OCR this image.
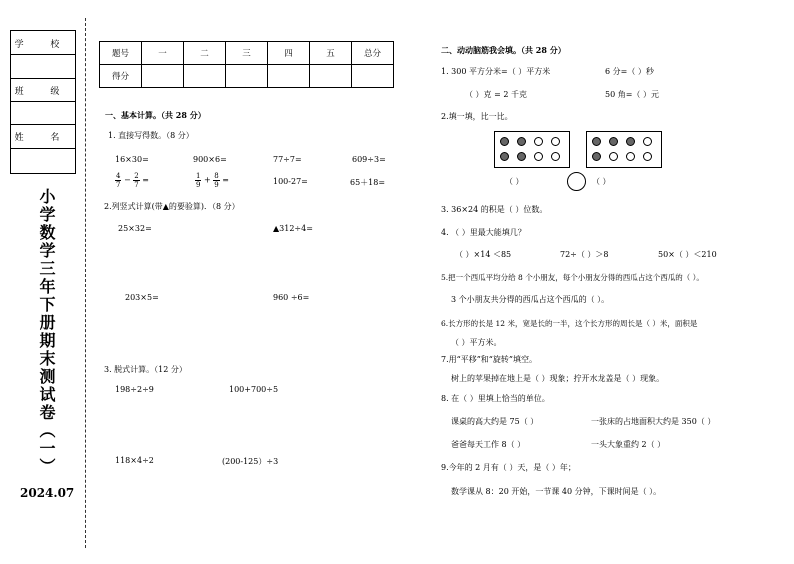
学 校
班 级
姓 名
小学数学三年下册期末测试卷（一）
2024.07
题号	一	二	三	四	五	总分
得分						
一、基本计算。（共 28 分）
1. 直接写得数。（8 分）
16×30=	900×6=	77÷7=	609÷3=
$\frac{4}{7} - \frac{2}{7}$ =	$\frac{1}{9} + \frac{8}{9}$ =	100-27=	65＋18=
2.列竖式计算(带▲的要验算)．（8 分）
25×32=	▲312÷4=
203×5=	960 ÷6=
3. 脱式计算。（12 分）
198÷2÷9	100+700÷5
118×4÷2	(200-125）÷3
二、动动脑筋我会填。（共 28 分）
1. 300 平方分米=（ ）平方米	6 分=（ ）秒
（ ）克 = 2 千克	50 角=（ ）元
2.填一填，比一比。
（ ）	（ ）
3. 36×24 的积是（ ）位数。
4. （ ）里最大能填几？
（ ）×14 ＜85	72÷（ ）＞8	50×（ ）＜210
5.把一个西瓜平均分给 8 个小朋友，每个小朋友分得的西瓜占这个西瓜的（ ）。
3 个小朋友共分得的西瓜占这个西瓜的（ ）。
6.长方形的长是 12 米，宽是长的一半，这个长方形的周长是（ ）米，面积是
（ ）平方米。
7.用“平移”和“旋转”填空。
树上的苹果掉在地上是（ ）现象；拧开水龙盖是（ ）现象。
8. 在（ ）里填上恰当的单位。
课桌的高大约是 75（ ）	一张床的占地面积大约是 350（ ）
爸爸每天工作 8（ ）	一头大象重约 2（ ）
9.今年的 2 月有（ ）天，是（ ）年；
数学课从 8：20 开始，一节课 40 分钟，下课时间是（ ）。
